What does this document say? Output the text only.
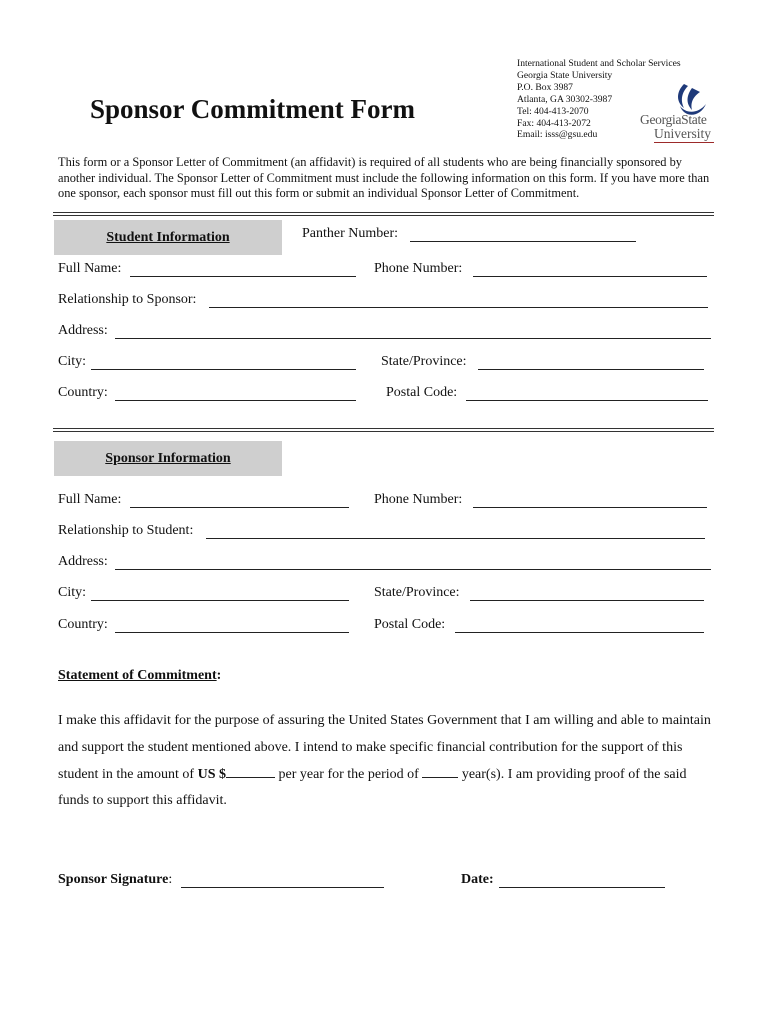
Sponsor Commitment Form
International Student and Scholar Services
Georgia State University
P.O. Box 3987
Atlanta, GA 30302-3987
Tel: 404-413-2070
Fax: 404-413-2072
Email: isss@gsu.edu
GeorgiaState
University
This form or a Sponsor Letter of Commitment (an affidavit) is required of all students who are being financially sponsored by another individual. The Sponsor Letter of Commitment must include the following information on this form. If you have more than one sponsor, each sponsor must fill out this form or submit an individual Sponsor Letter of Commitment.
Student Information	Panther Number:
Full Name:	Phone Number:
Relationship to Sponsor:
Address:
City:	State/Province:
Country:	Postal Code:
Sponsor Information
Full Name:	Phone Number:
Relationship to Student:
Address:
City:	State/Province:
Country:	Postal Code:
Statement of Commitment:
I make this affidavit for the purpose of assuring the United States Government that I am willing and able to maintain and support the student mentioned above. I intend to make specific financial contribution for the support of this student in the amount of US $	per year for the period of	year(s). I am providing proof of the said funds to support this affidavit.
Sponsor Signature:	Date:
